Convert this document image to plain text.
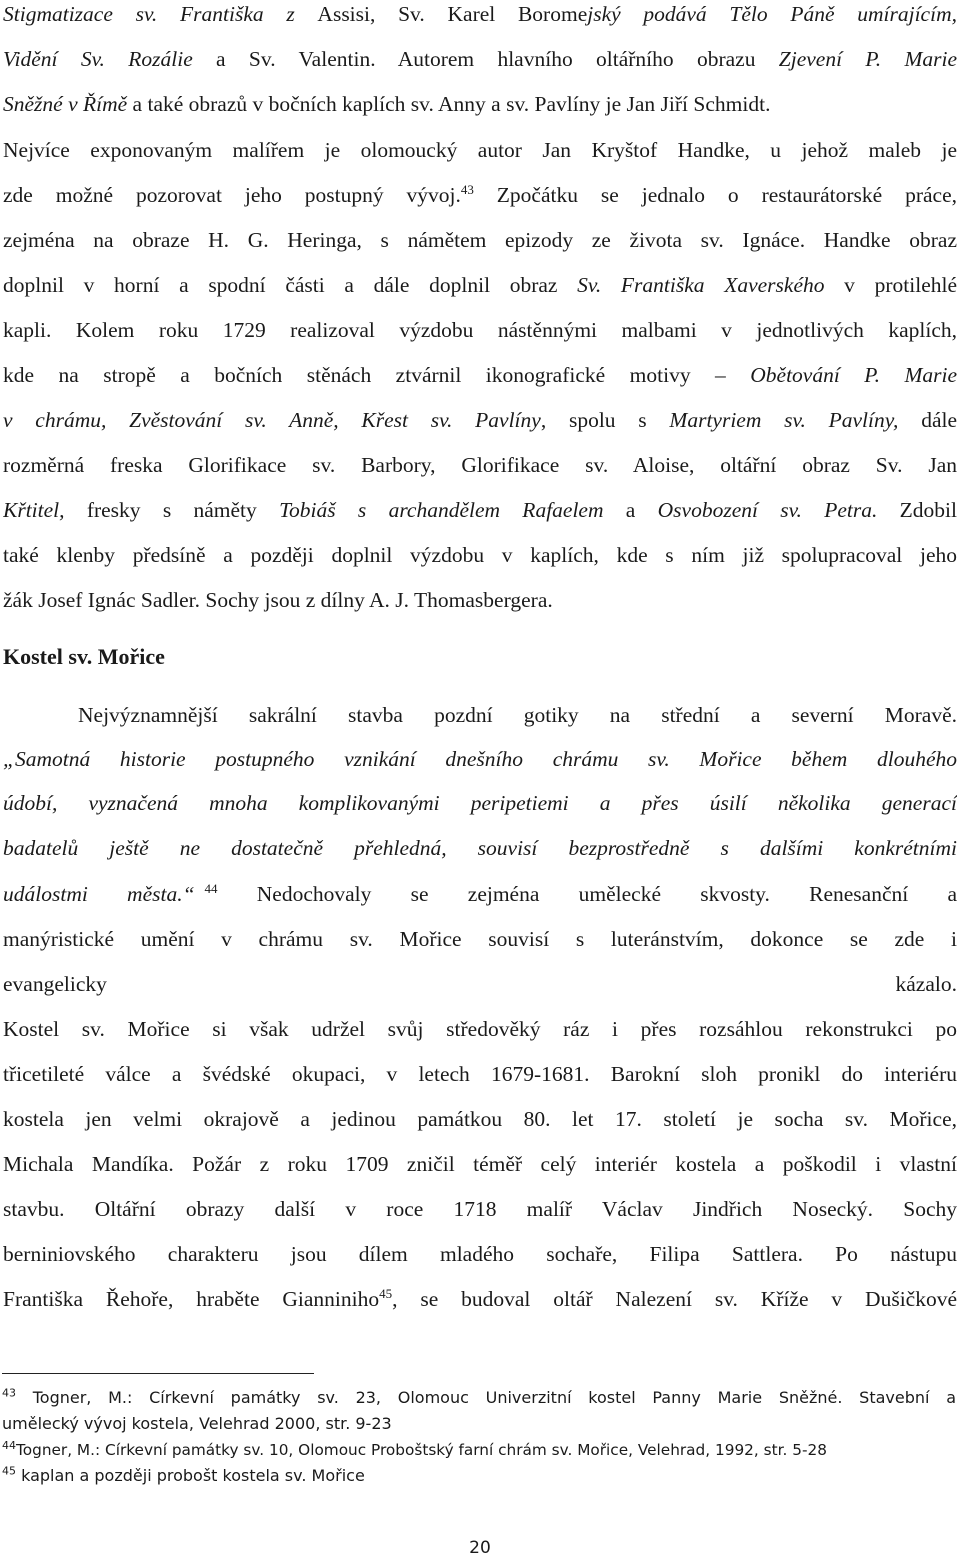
Stigmatizace sv. Františka z Assisi, Sv. Karel Boromejský podává Tělo Páně umírajícím,
Vidění Sv. Rozálie a Sv. Valentin. Autorem hlavního oltářního obrazu Zjevení P. Marie
Sněžné v Římě a také obrazů v bočních kaplích sv. Anny a sv. Pavlíny je Jan Jiří Schmidt.
Nejvíce exponovaným malířem je olomoucký autor Jan Kryštof Handke, u jehož maleb je
zde možné pozorovat jeho postupný vývoj.$^{43}$ Zpočátku se jednalo o restaurátorské práce,
zejména na obraze H. G. Heringa, s námětem epizody ze života sv. Ignáce. Handke obraz
doplnil v horní a spodní části a dále doplnil obraz Sv. Františka Xaverského v protilehlé
kapli. Kolem roku 1729 realizoval výzdobu nástěnnými malbami v jednotlivých kaplích,
kde na stropě a bočních stěnách ztvárnil ikonografické motivy – Obětování P. Marie
v chrámu, Zvěstování sv. Anně, Křest sv. Pavlíny, spolu s Martyriem sv. Pavlíny, dále
rozměrná freska Glorifikace sv. Barbory, Glorifikace sv. Aloise, oltářní obraz Sv. Jan
Křtitel, fresky s náměty Tobiáš s archandělem Rafaelem a Osvobození sv. Petra. Zdobil
také klenby předsíně a později doplnil výzdobu v kaplích, kde s ním již spolupracoval jeho
žák Josef Ignác Sadler. Sochy jsou z dílny A. J. Thomasbergera.
Kostel sv. Mořice
Nejvýznamnější sakrální stavba pozdní gotiky na střední a severní Moravě.
„Samotná historie postupného vznikání dnešního chrámu sv. Mořice během dlouhého
údobí, vyznačená mnoha komplikovanými peripetiemi a přes úsilí několika generací
badatelů ještě ne dostatečně přehledná, souvisí bezprostředně s dalšími konkrétními
událostmi města.“ $^{44}$ Nedochovaly se zejména umělecké skvosty. Renesanční a
manýristické umění v chrámu sv. Mořice souvisí s luteránstvím, dokonce se zde i
evangelicky	kázalo.
Kostel sv. Mořice si však udržel svůj středověký ráz i přes rozsáhlou rekonstrukci po
třicetileté válce a švédské okupaci, v letech 1679-1681. Barokní sloh pronikl do interiéru
kostela jen velmi okrajově a jedinou památkou 80. let 17. století je socha sv. Mořice,
Michala Mandíka. Požár z roku 1709 zničil téměř celý interiér kostela a poškodil i vlastní
stavbu. Oltářní obrazy další v roce 1718 malíř Václav Jindřich Nosecký. Sochy
berniniovského charakteru jsou dílem mladého sochaře, Filipa Sattlera. Po nástupu
Františka Řehoře, hraběte Gianniniho$^{45}$, se budoval oltář Nalezení sv. Kříže v Dušičkové
$^{43}$ Togner, M.: Církevní památky sv. 23, Olomouc Univerzitní kostel Panny Marie Sněžné. Stavební a
umělecký vývoj kostela, Velehrad 2000, str. 9-23
$^{44}$Togner, M.: Církevní památky sv. 10, Olomouc Proboštský farní chrám sv. Mořice, Velehrad, 1992, str. 5-28
$^{45}$ kaplan a později probošt kostela sv. Mořice
20
